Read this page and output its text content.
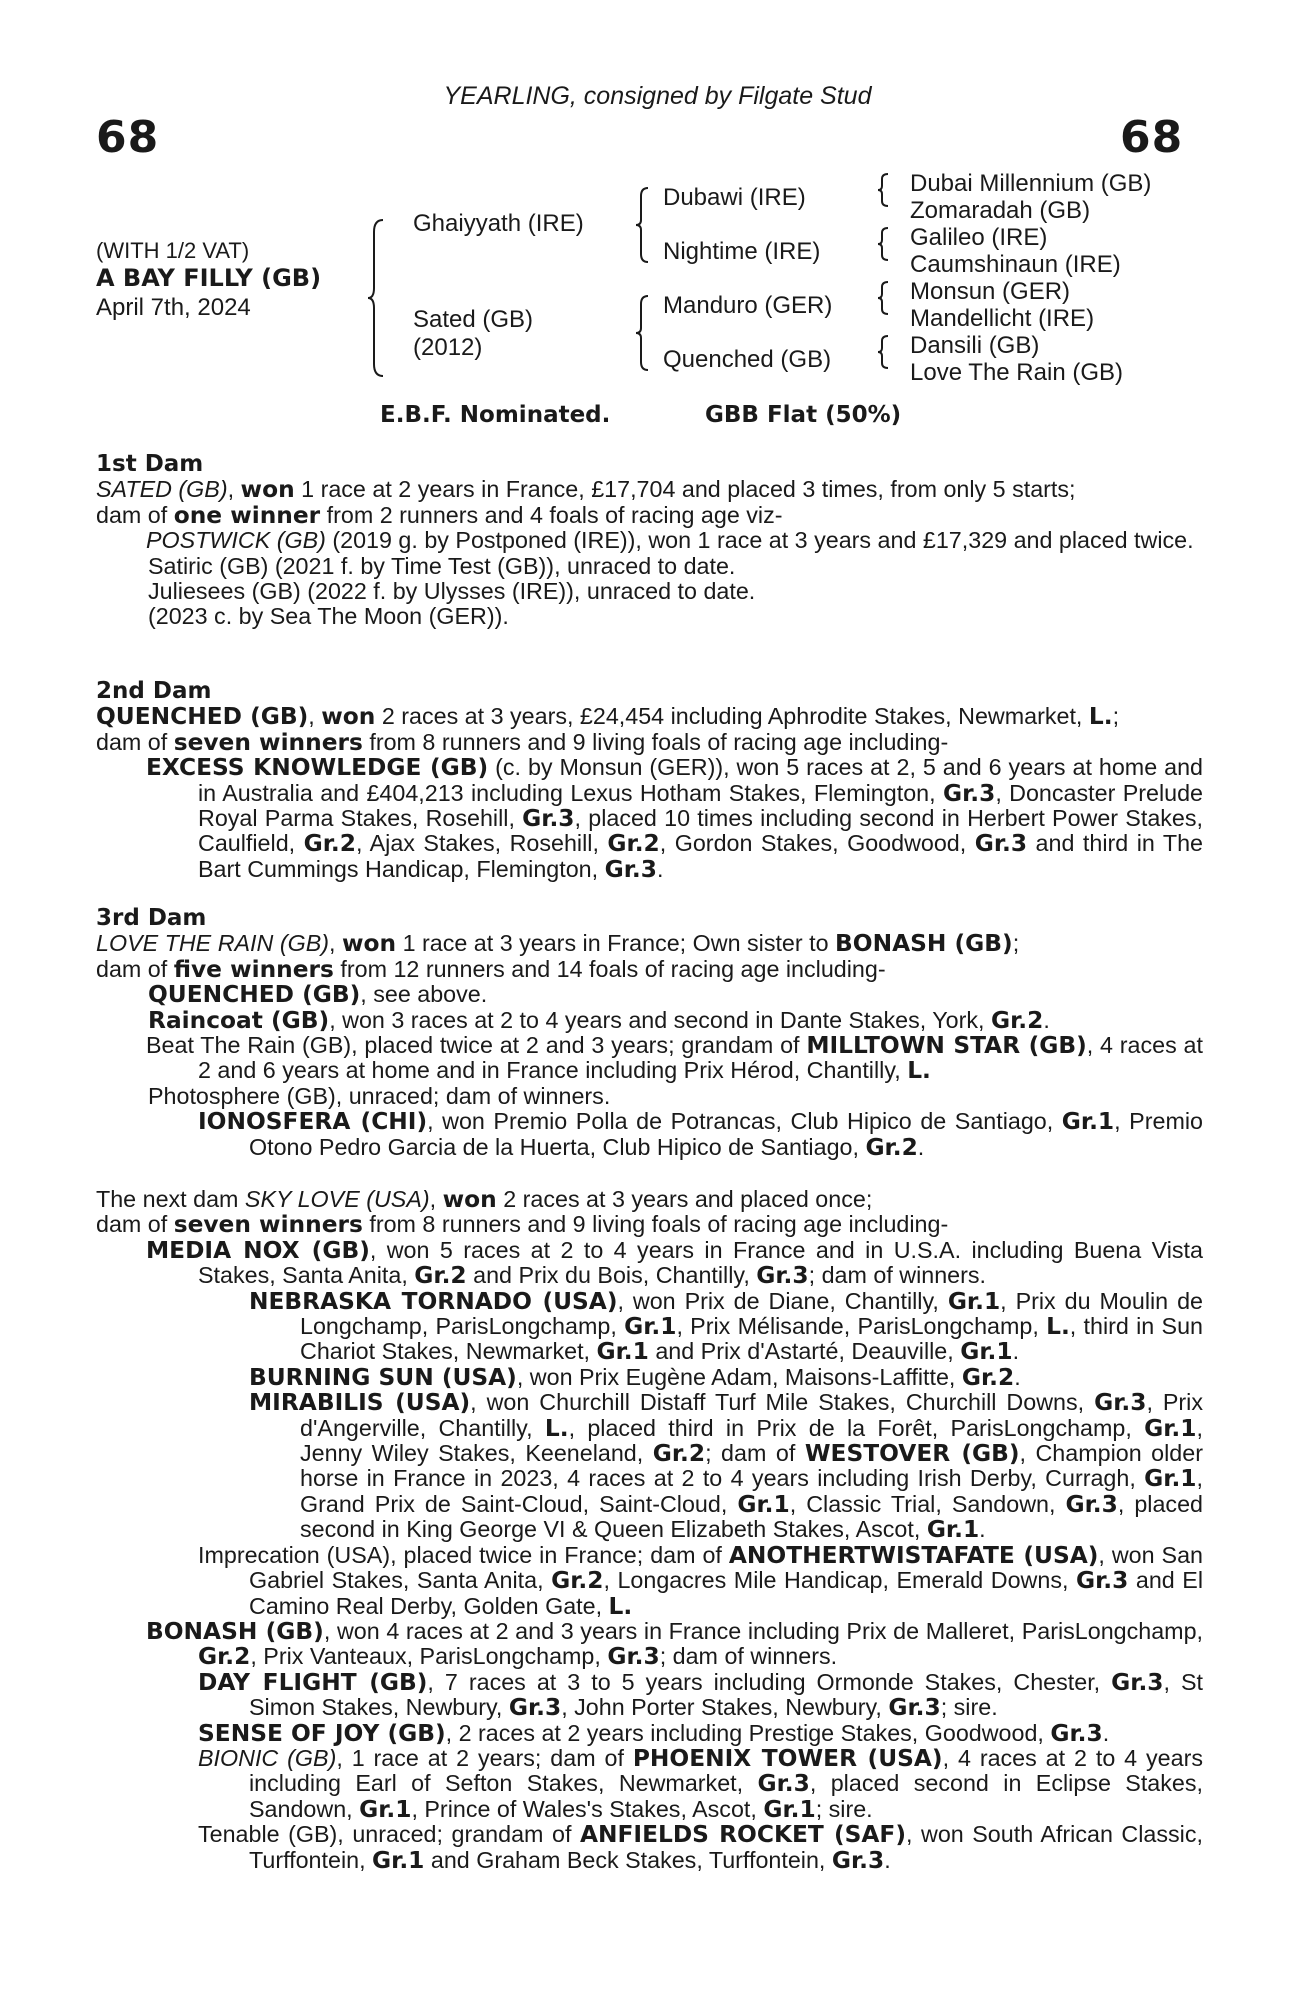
YEARLING, consigned by Filgate Stud
68	68
(WITH 1/2 VAT)
A BAY FILLY (GB)
April 7th, 2024
Ghaiyyath (IRE)
Sated (GB)
(2012)
Dubawi (IRE)
Nightime (IRE)
Manduro (GER)
Quenched (GB)
Dubai Millennium (GB)
Zomaradah (GB)
Galileo (IRE)
Caumshinaun (IRE)
Monsun (GER)
Mandellicht (IRE)
Dansili (GB)
Love The Rain (GB)
E.B.F. Nominated.	GBB Flat (50%)
1st Dam
SATED (GB), won 1 race at 2 years in France, £17,704 and placed 3 times, from only 5 starts;
dam of one winner from 2 runners and 4 foals of racing age viz-
POSTWICK (GB) (2019 g. by Postponed (IRE)), won 1 race at 3 years and £17,329 and placed twice.
Satiric (GB) (2021 f. by Time Test (GB)), unraced to date.
Juliesees (GB) (2022 f. by Ulysses (IRE)), unraced to date.
(2023 c. by Sea The Moon (GER)).
2nd Dam
QUENCHED (GB), won 2 races at 3 years, £24,454 including Aphrodite Stakes, Newmarket, L.;
dam of seven winners from 8 runners and 9 living foals of racing age including-
EXCESS KNOWLEDGE (GB) (c. by Monsun (GER)), won 5 races at 2, 5 and 6 years at home and in Australia and £404,213 including Lexus Hotham Stakes, Flemington, Gr.3, Doncaster Prelude Royal Parma Stakes, Rosehill, Gr.3, placed 10 times including second in Herbert Power Stakes, Caulfield, Gr.2, Ajax Stakes, Rosehill, Gr.2, Gordon Stakes, Goodwood, Gr.3 and third in The Bart Cummings Handicap, Flemington, Gr.3.
3rd Dam
LOVE THE RAIN (GB), won 1 race at 3 years in France; Own sister to BONASH (GB);
dam of five winners from 12 runners and 14 foals of racing age including-
QUENCHED (GB), see above.
Raincoat (GB), won 3 races at 2 to 4 years and second in Dante Stakes, York, Gr.2.
Beat The Rain (GB), placed twice at 2 and 3 years; grandam of MILLTOWN STAR (GB), 4 races at 2 and 6 years at home and in France including Prix Hérod, Chantilly, L.
Photosphere (GB), unraced; dam of winners.
IONOSFERA (CHI), won Premio Polla de Potrancas, Club Hipico de Santiago, Gr.1, Premio Otono Pedro Garcia de la Huerta, Club Hipico de Santiago, Gr.2.
The next dam SKY LOVE (USA), won 2 races at 3 years and placed once;
dam of seven winners from 8 runners and 9 living foals of racing age including-
MEDIA NOX (GB), won 5 races at 2 to 4 years in France and in U.S.A. including Buena Vista Stakes, Santa Anita, Gr.2 and Prix du Bois, Chantilly, Gr.3; dam of winners.
NEBRASKA TORNADO (USA), won Prix de Diane, Chantilly, Gr.1, Prix du Moulin de Longchamp, ParisLongchamp, Gr.1, Prix Mélisande, ParisLongchamp, L., third in Sun Chariot Stakes, Newmarket, Gr.1 and Prix d'Astarté, Deauville, Gr.1.
BURNING SUN (USA), won Prix Eugène Adam, Maisons-Laffitte, Gr.2.
MIRABILIS (USA), won Churchill Distaff Turf Mile Stakes, Churchill Downs, Gr.3, Prix d'Angerville, Chantilly, L., placed third in Prix de la Forêt, ParisLongchamp, Gr.1, Jenny Wiley Stakes, Keeneland, Gr.2; dam of WESTOVER (GB), Champion older horse in France in 2023, 4 races at 2 to 4 years including Irish Derby, Curragh, Gr.1, Grand Prix de Saint-Cloud, Saint-Cloud, Gr.1, Classic Trial, Sandown, Gr.3, placed second in King George VI & Queen Elizabeth Stakes, Ascot, Gr.1.
Imprecation (USA), placed twice in France; dam of ANOTHERTWISTAFATE (USA), won San Gabriel Stakes, Santa Anita, Gr.2, Longacres Mile Handicap, Emerald Downs, Gr.3 and El Camino Real Derby, Golden Gate, L.
BONASH (GB), won 4 races at 2 and 3 years in France including Prix de Malleret, ParisLongchamp, Gr.2, Prix Vanteaux, ParisLongchamp, Gr.3; dam of winners.
DAY FLIGHT (GB), 7 races at 3 to 5 years including Ormonde Stakes, Chester, Gr.3, St Simon Stakes, Newbury, Gr.3, John Porter Stakes, Newbury, Gr.3; sire.
SENSE OF JOY (GB), 2 races at 2 years including Prestige Stakes, Goodwood, Gr.3.
BIONIC (GB), 1 race at 2 years; dam of PHOENIX TOWER (USA), 4 races at 2 to 4 years including Earl of Sefton Stakes, Newmarket, Gr.3, placed second in Eclipse Stakes, Sandown, Gr.1, Prince of Wales's Stakes, Ascot, Gr.1; sire.
Tenable (GB), unraced; grandam of ANFIELDS ROCKET (SAF), won South African Classic, Turffontein, Gr.1 and Graham Beck Stakes, Turffontein, Gr.3.
